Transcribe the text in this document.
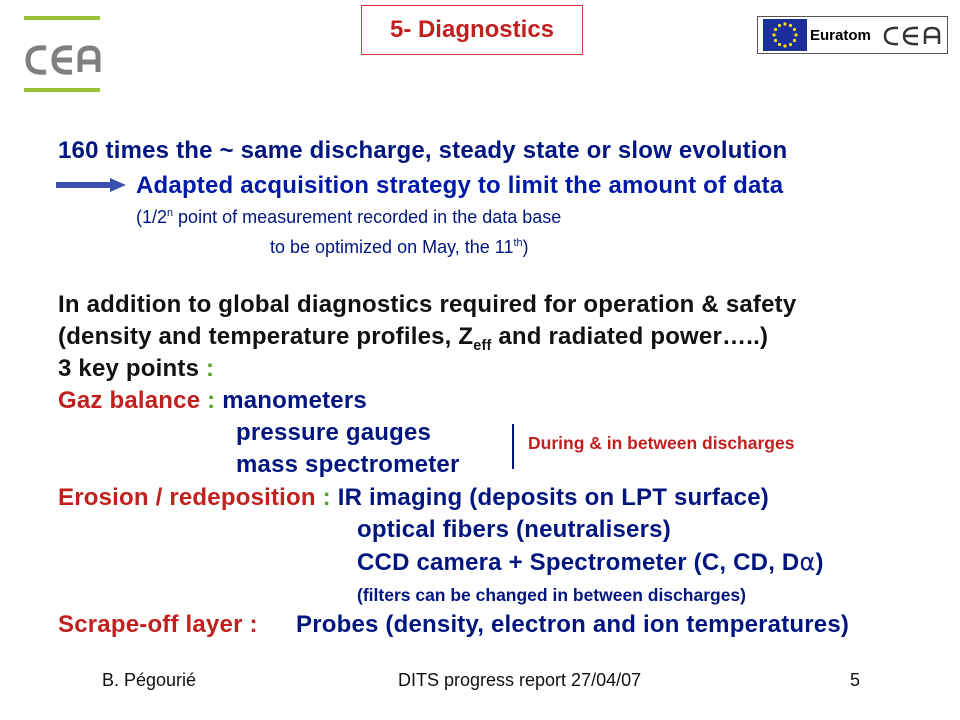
5- Diagnostics	Euratom
160 times the ~ same discharge, steady state or slow evolution
Adapted acquisition strategy to limit the amount of data
(1/2$^n$ point of measurement recorded in the data base
to be optimized on May, the 11th)
In addition to global diagnostics required for operation & safety
(density and temperature profiles, $Z_{eff}$ and radiated power…..)
3 key points :
Gaz balance : manometers
pressure gauges
mass spectrometer
During & in between discharges
Erosion / redeposition : IR imaging (deposits on LPT surface)
optical fibers (neutralisers)
CCD camera + Spectrometer (C, CD, Dα)
(filters can be changed in between discharges)
Scrape-off layer : Probes (density, electron and ion temperatures)
B. Pégourié	DITS progress report 27/04/07	5
